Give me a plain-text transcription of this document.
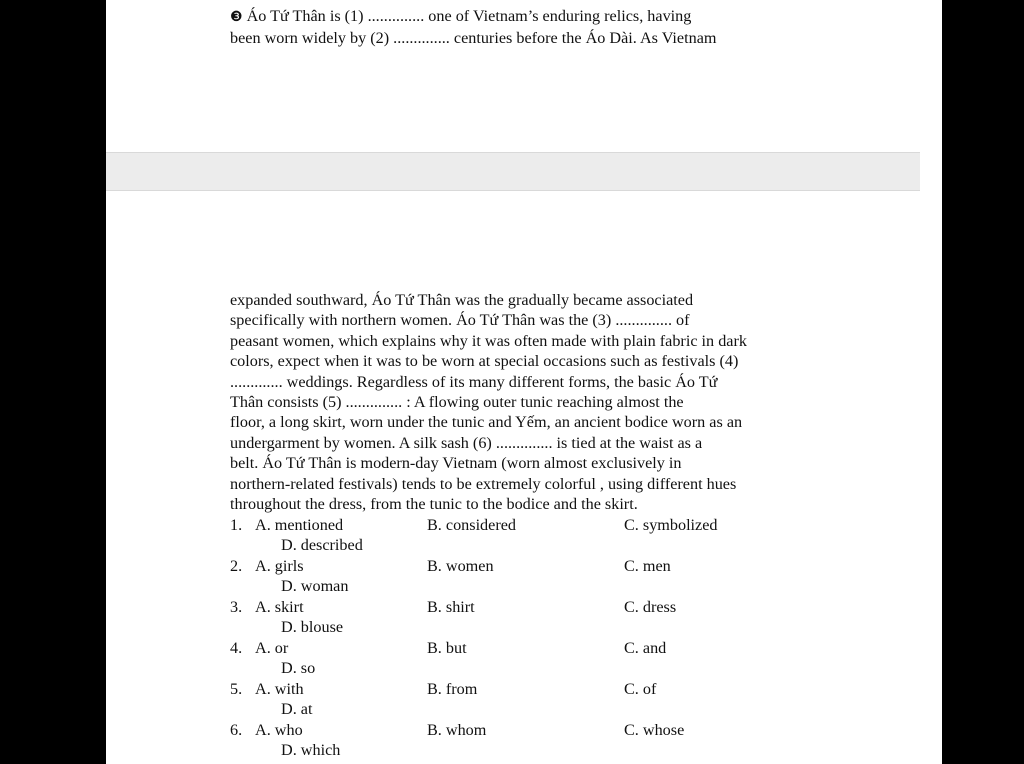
❸ Áo Tứ Thân is (1) .............. one of Vietnam’s enduring relics, having
been worn widely by (2) .............. centuries before the Áo Dài. As Vietnam
expanded southward, Áo Tứ Thân was the gradually became associated
specifically with northern women. Áo Tứ Thân was the (3) .............. of
peasant women, which explains why it was often made with plain fabric in dark
colors, expect when it was to be worn at special occasions such as festivals (4)
............. weddings. Regardless of its many different forms, the basic Áo Tứ
Thân consists (5) .............. : A flowing outer tunic reaching almost the
floor, a long skirt, worn under the tunic and Yếm, an ancient bodice worn as an
undergarment by women. A silk sash (6) .............. is tied at the waist as a
belt. Áo Tứ Thân is modern-day Vietnam (worn almost exclusively in
northern-related festivals) tends to be extremely colorful , using different hues
throughout the dress, from the tunic to the bodice and the skirt.
1. A. mentioned	B. considered	C. symbolized
D. described
2. A. girls	B. women	C. men
D. woman
3. A. skirt	B. shirt	C. dress
D. blouse
4. A. or	B. but	C. and
D. so
5. A. with	B. from	C. of
D. at
6. A. who	B. whom	C. whose
D. which
